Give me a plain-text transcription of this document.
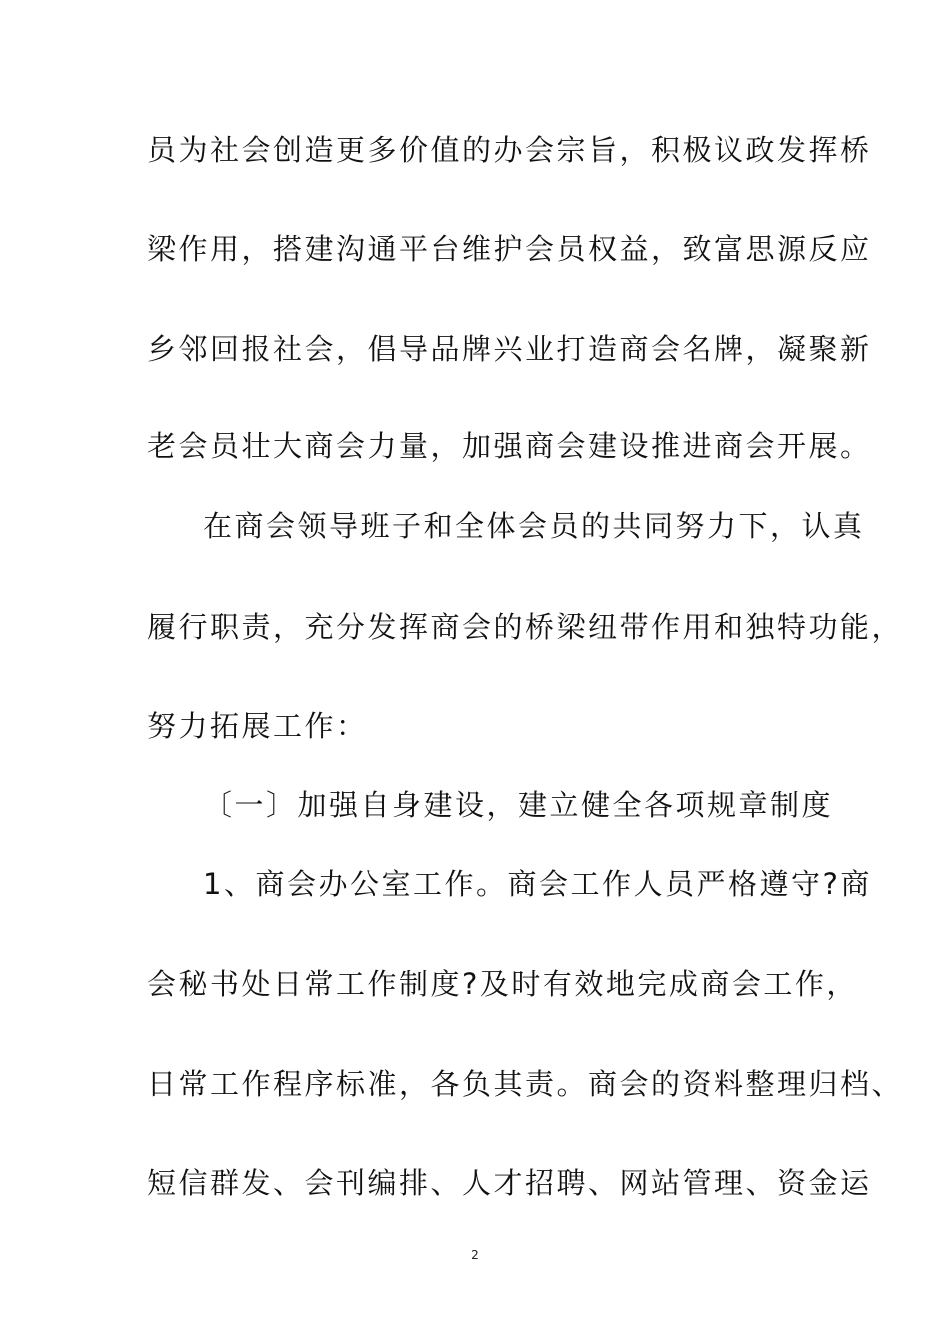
员为社会创造更多价值的办会宗旨，积极议政发挥桥
梁作用，搭建沟通平台维护会员权益，致富思源反应
乡邻回报社会，倡导品牌兴业打造商会名牌，凝聚新
老会员壮大商会力量，加强商会建设推进商会开展。
在商会领导班子和全体会员的共同努力下，认真
履行职责，充分发挥商会的桥梁纽带作用和独特功能，
努力拓展工作：
〔一〕加强自身建设，建立健全各项规章制度
1、商会办公室工作。商会工作人员严格遵守?商
会秘书处日常工作制度?及时有效地完成商会工作，
日常工作程序标准，各负其责。商会的资料整理归档、
短信群发、会刊编排、人才招聘、网站管理、资金运
2
